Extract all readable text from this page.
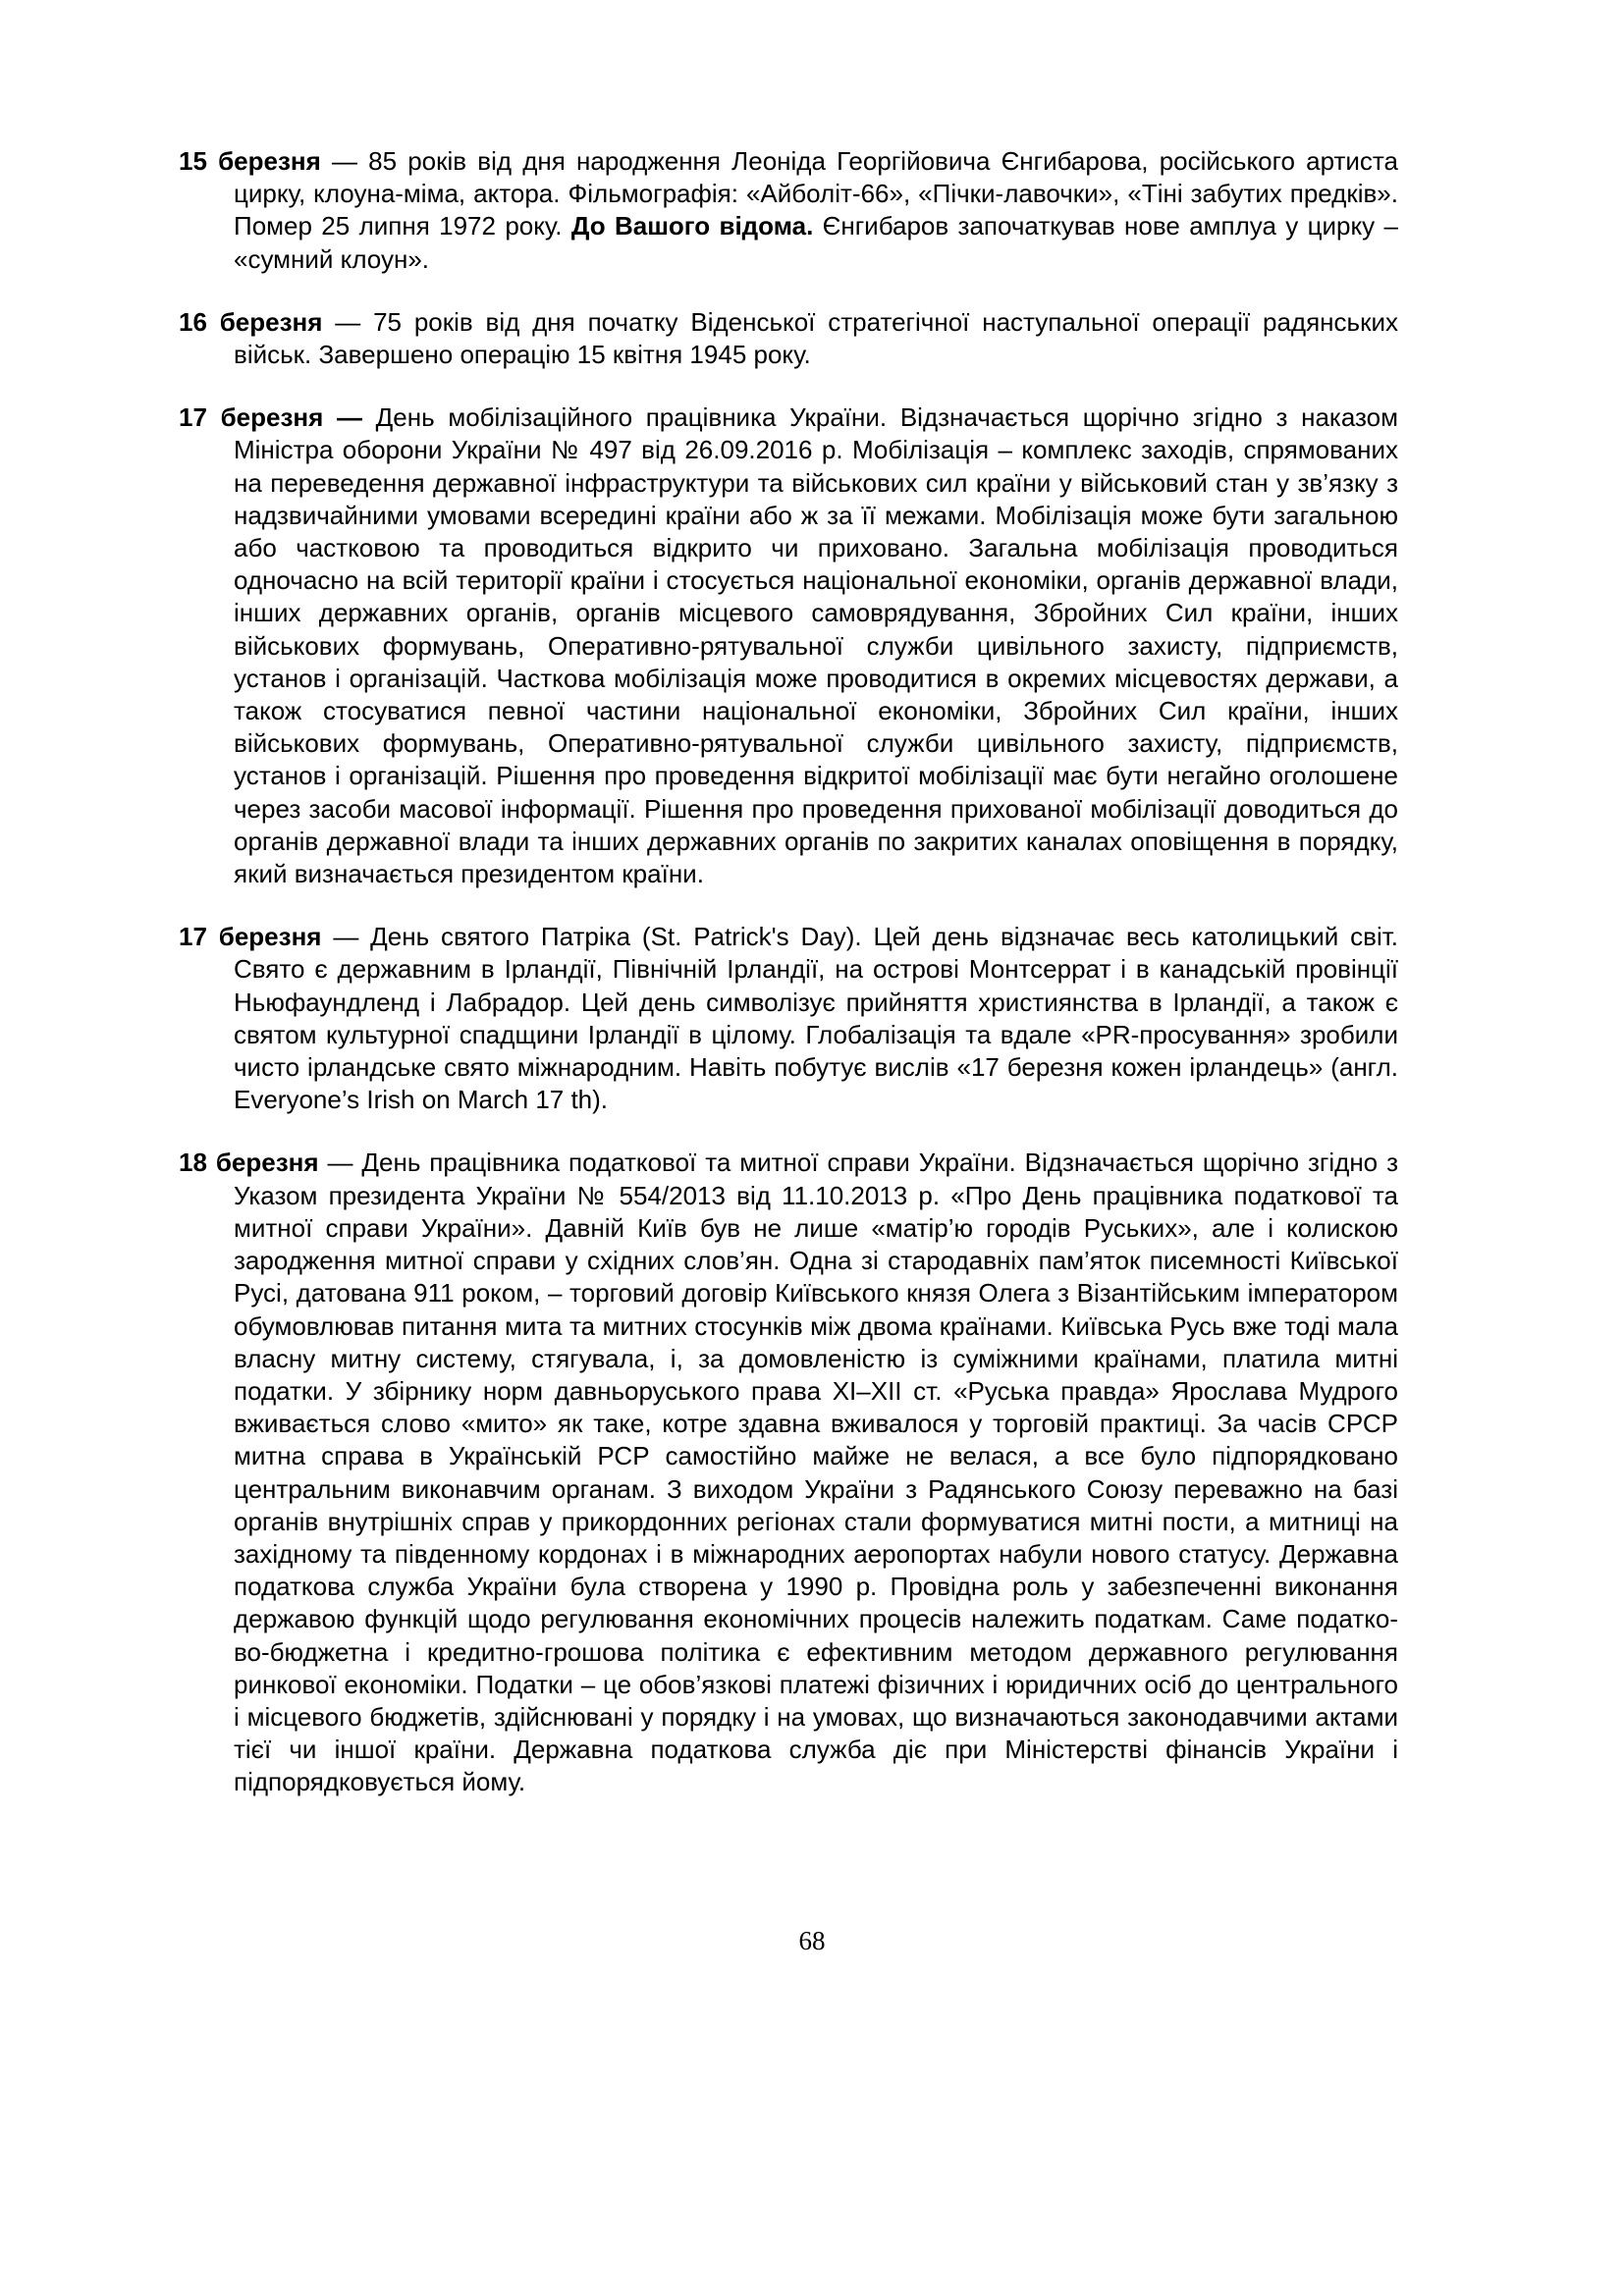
15 березня — 85 років від дня народження Леоніда Георгійовича Єнгибарова, російського артиста цирку, клоуна-міма, актора. Фільмографія: «Айболіт-66», «Пічки-лавочки», «Тіні забутих предків». Помер 25 липня 1972 року. До Вашого відома. Єнгибаров започаткував нове амплуа у цирку – «сумний клоун».

16 березня — 75 років від дня початку Віденської стратегічної наступальної операції радянських військ. Завершено операцію 15 квітня 1945 року.

17 березня — День мобілізаційного працівника України. Відзначається щорічно згідно з наказом Міністра оборони України № 497 від 26.09.2016 р. Мобілізація – комплекс заходів, спрямованих на переведення державної інфраструктури та військових сил країни у військовий стан у зв’язку з надзвичайними умовами всередині країни або ж за її межами. Мобілізація може бути загальною або частковою та проводиться відкрито чи приховано. Загальна мобілізація проводиться одночасно на всій території країни і стосується національної економіки, органів державної влади, інших державних органів, органів місцевого самоврядування, Збройних Сил країни, інших військових формувань, Оперативно-рятувальної служби цивільного захисту, підприємств, установ і організацій. Часткова мобілізація може проводитися в окремих місцевостях держави, а також стосуватися певної частини національної економіки, Збройних Сил країни, інших військових формувань, Оперативно-рятувальної служби цивільного захисту, підприємств, установ і організацій. Рішення про проведення відкритої мобілізації має бути негайно оголошене через засоби масової інформації. Рішення про проведення прихованої мобілізації доводиться до органів державної влади та інших державних органів по закритих каналах оповіщення в порядку, який визначається президентом країни.

17 березня — День святого Патріка (St. Patrick's Day). Цей день відзначає весь католицький світ. Свято є державним в Ірландії, Північній Ірландії, на острові Монтсеррат і в канадській провінції Ньюфаундленд і Лабрадор. Цей день символізує прийняття християнства в Ірландії, а також є святом культурної спадщини Ірландії в цілому. Глобалізація та вдале «PR-просування» зробили чисто ірландське свято міжнародним. Навіть побутує вислів «17 березня кожен ірландець» (англ. Everyone’s Irish on March 17 th).

18 березня — День працівника податкової та митної справи України. Відзначається щорічно згідно з Указом президента України № 554/2013 від 11.10.2013 р. «Про День працівника податкової та митної справи України». Давній Київ був не лише «матір’ю городів Руських», але і колискою зародження митної справи у східних слов’ян. Одна зі стародавніх пам’яток писемності Київської Русі, датована 911 роком, – торговий договір Київського князя Олега з Візантійським імператором обумовлював питання мита та митних стосунків між двома країнами. Київська Русь вже тоді мала власну митну систему, стягувала, і, за домовленістю із суміжними країнами, платила митні податки. У збірнику норм давньоруського права XI–XII ст. «Руська правда» Ярослава Мудрого вживається слово «мито» як таке, котре здавна вживалося у торговій практиці. За часів СРСР митна справа в Українській РСР самостійно майже не велася, а все було підпорядковано центральним виконавчим органам. З виходом України з Радянського Союзу переважно на базі органів внутрішніх справ у прикордонних регіонах стали формуватися митні пости, а митниці на західному та південному кордонах і в міжнародних аеропортах набули нового статусу. Державна податкова служба України була створена у 1990 р. Провідна роль у забезпеченні виконання державою функцій щодо регулювання економічних процесів належить податкам. Саме податково-бюджетна і кредитно-грошова політика є ефективним методом державного регулювання ринкової економіки. Податки – це обов’язкові платежі фізичних і юридичних осіб до центрального і місцевого бюджетів, здійснювані у порядку і на умовах, що визначаються законодавчими актами тієї чи іншої країни. Державна податкова служба діє при Міністерстві фінансів України і підпорядковується йому.

68
